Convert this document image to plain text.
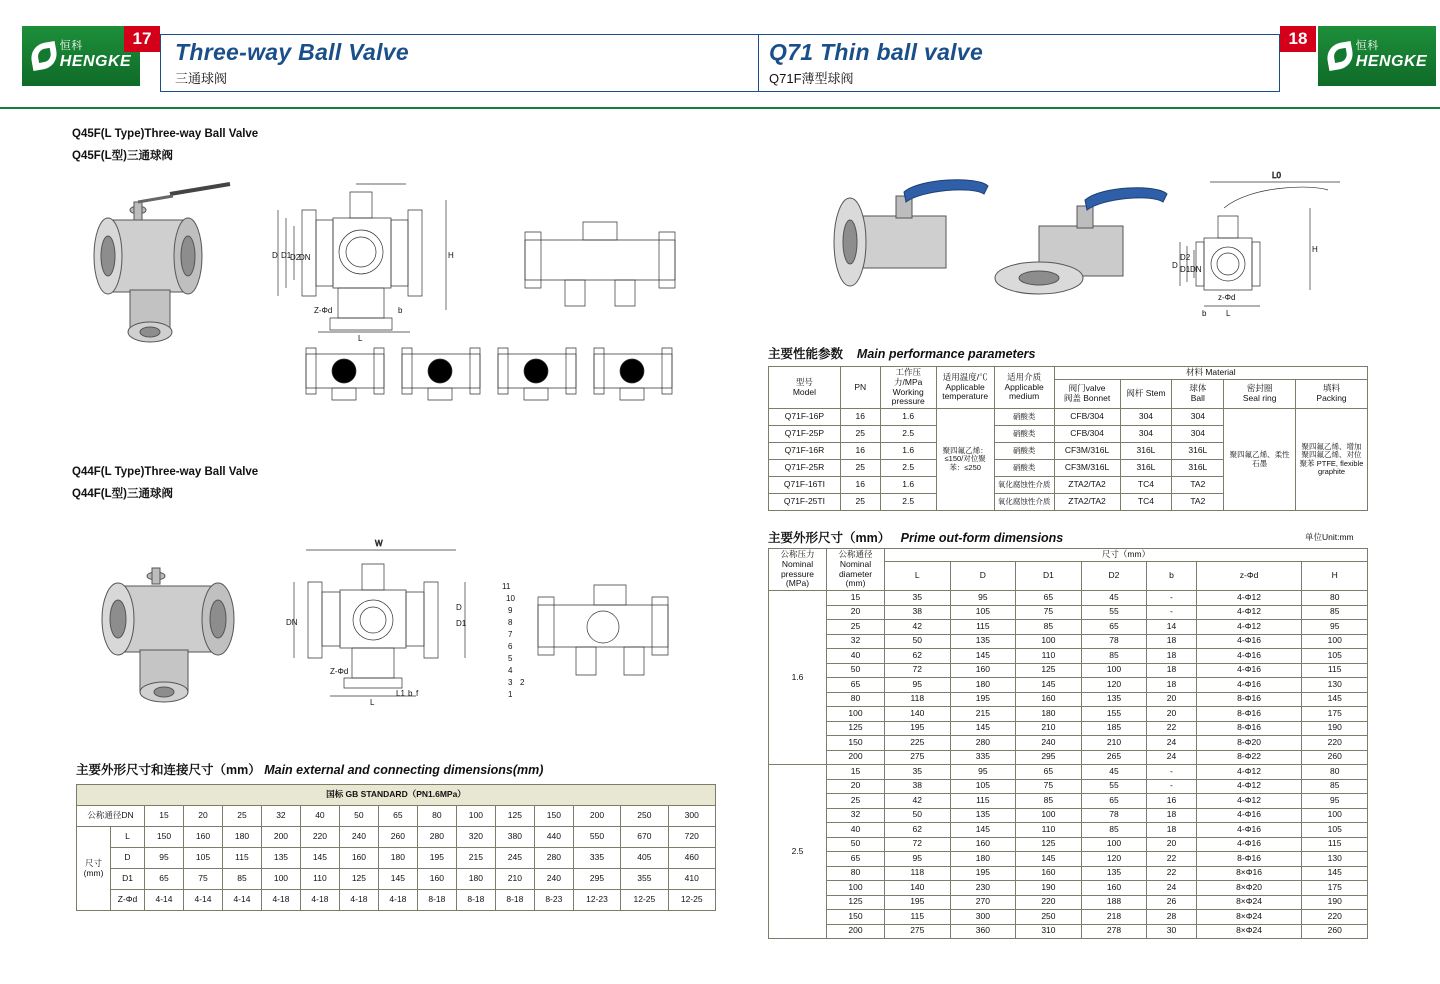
恒科
HENGKE
17
Three-way Ball Valve
三通球阀
Q71 Thin ball valve
Q71F薄型球阀
恒科
HENGKE
18
Q45F(L Type)Three-way Ball Valve
Q45F(L型)三通球阀
D D1
D2
DN	H
L
Z-Φd	b
Q44F(L Type)Three-way Ball Valve
Q44F(L型)三通球阀
W
DN
D
D1
L
Z-Φd
L1 f
b
11
10
9
8
7
6
5
4
3 2
1
主要外形尺寸和连接尺寸（mm） Main external and connecting dimensions(mm)
国标 GB STANDARD（PN1.6MPa）															
公称通径DN		15	20	25	32	40	50	65	80	100	125	150	200	250	300
尺寸
(mm)	L	150	160	180	200	220	240	260	280	320	380	440	550	670	720
	D	95	105	115	135	145	160	180	195	215	245	280	335	405	460
	D1	65	75	85	100	110	125	145	160	180	210	240	295	355	410
	Z-Φd	4-14	4-14	4-14	4-18	4-18	4-18	4-18	8-18	8-18	8-18	8-23	12-23	12-25	12-25
L0
D
D2
D1 DN
H
L
b
z-Φd
主要性能参数 Main performance parameters
型号
Model	PN	工作压力/MPa
Working pressure	适用温度/℃
Applicable temperature	适用介质
Applicable medium	材料 Material				
					阀门valve
阀盖 Bonnet	阀杆 Stem	球体
Ball	密封圈
Seal ring	填料
Packing

Q71F-16P	16	1.6	聚四氟乙烯：≤150/对位聚苯：≤250	硝酸类	CFB/304	304	304	聚四氟乙烯、柔性石墨	聚四氟乙烯、增加聚四氟乙烯、对位聚苯 PTFE, flexible graphite
Q71F-25P	25	2.5		硝酸类	CFB/304	304	304		
Q71F-16R	16	1.6		硝酸类	CF3M/316L	316L	316L		
Q71F-25R	25	2.5		硝酸类	CF3M/316L	316L	316L		
Q71F-16TI	16	1.6		氧化腐蚀性介质	ZTA2/TA2	TC4	TA2		
Q71F-25TI	25	2.5		氧化腐蚀性介质	ZTA2/TA2	TC4	TA2		
主要外形尺寸（mm） Prime out-form dimensions	单位Unit:mm
公称压力
Nominal pressure
(MPa)	公称通径
Nominal diameter
(mm)	尺寸（mm）						
		L	D	D1	D2	b	z-Φd	H

1.6	15	35	95	65	45	-	4-Φ12	80
	20	38	105	75	55	-	4-Φ12	85
	25	42	115	85	65	14	4-Φ12	95
	32	50	135	100	78	18	4-Φ16	100
	40	62	145	110	85	18	4-Φ16	105
	50	72	160	125	100	18	4-Φ16	115
	65	95	180	145	120	18	4-Φ16	130
	80	118	195	160	135	20	8-Φ16	145
	100	140	215	180	155	20	8-Φ16	175
	125	195	145	210	185	22	8-Φ16	190
	150	225	280	240	210	24	8-Φ20	220
	200	275	335	295	265	24	8-Φ22	260
2.5	15	35	95	65	45	-	4-Φ12	80
	20	38	105	75	55	-	4-Φ12	85
	25	42	115	85	65	16	4-Φ12	95
	32	50	135	100	78	18	4-Φ16	100
	40	62	145	110	85	18	4-Φ16	105
	50	72	160	125	100	20	4-Φ16	115
	65	95	180	145	120	22	8-Φ16	130
	80	118	195	160	135	22	8×Φ16	145
	100	140	230	190	160	24	8×Φ20	175
	125	195	270	220	188	26	8×Φ24	190
	150	115	300	250	218	28	8×Φ24	220
	200	275	360	310	278	30	8×Φ24	260
